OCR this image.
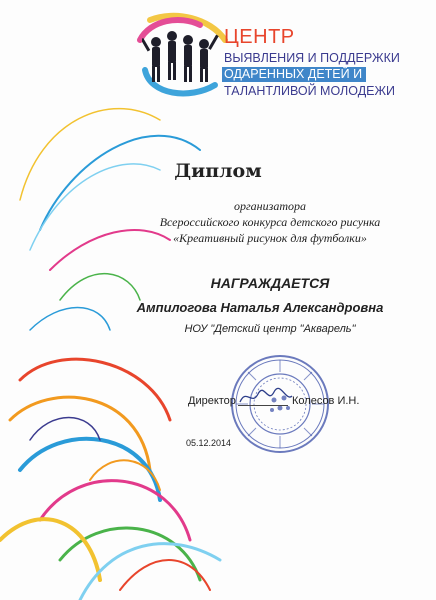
ЦЕНТР
ВЫЯВЛЕНИЯ И ПОДДЕРЖКИ
ОДАРЕННЫХ ДЕТЕЙ И
ТАЛАНТЛИВОЙ МОЛОДЕЖИ
Диплом
организатора
Всероссийского конкурса детского рисунка
«Креативный рисунок для футболки»
НАГРАЖДАЕТСЯ
Ампилогова Наталья Александровна
НОУ "Детский центр "Акварель"
Директор	Колесов И.Н.
05.12.2014
